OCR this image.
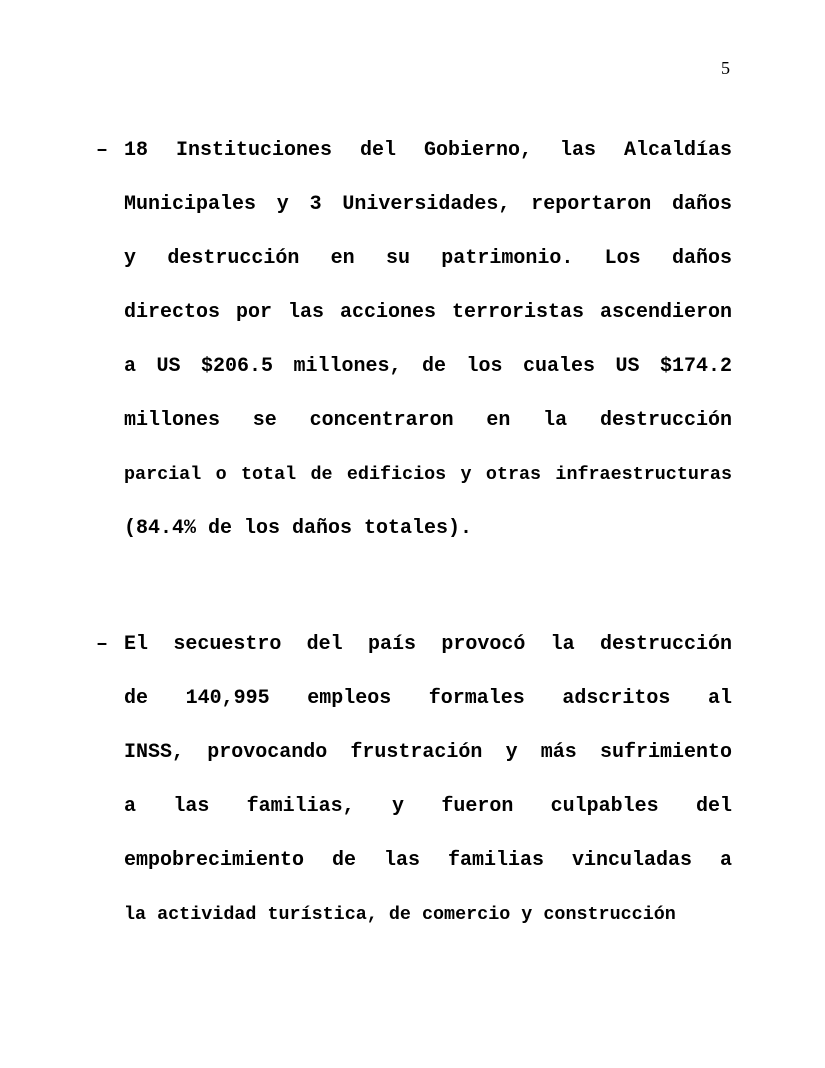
5
– 18 Instituciones del Gobierno, las Alcaldías
Municipales y 3 Universidades, reportaron daños
y destrucción en su patrimonio. Los daños
directos por las acciones terroristas ascendieron
a US $206.5 millones, de los cuales US $174.2
millones se concentraron en la destrucción
parcial o total de edificios y otras infraestructuras
(84.4% de los daños totales).
– El secuestro del país provocó la destrucción
de 140,995 empleos formales adscritos al
INSS, provocando frustración y más sufrimiento
a las familias, y fueron culpables del
empobrecimiento de las familias vinculadas a
la actividad turística, de comercio y construcción
